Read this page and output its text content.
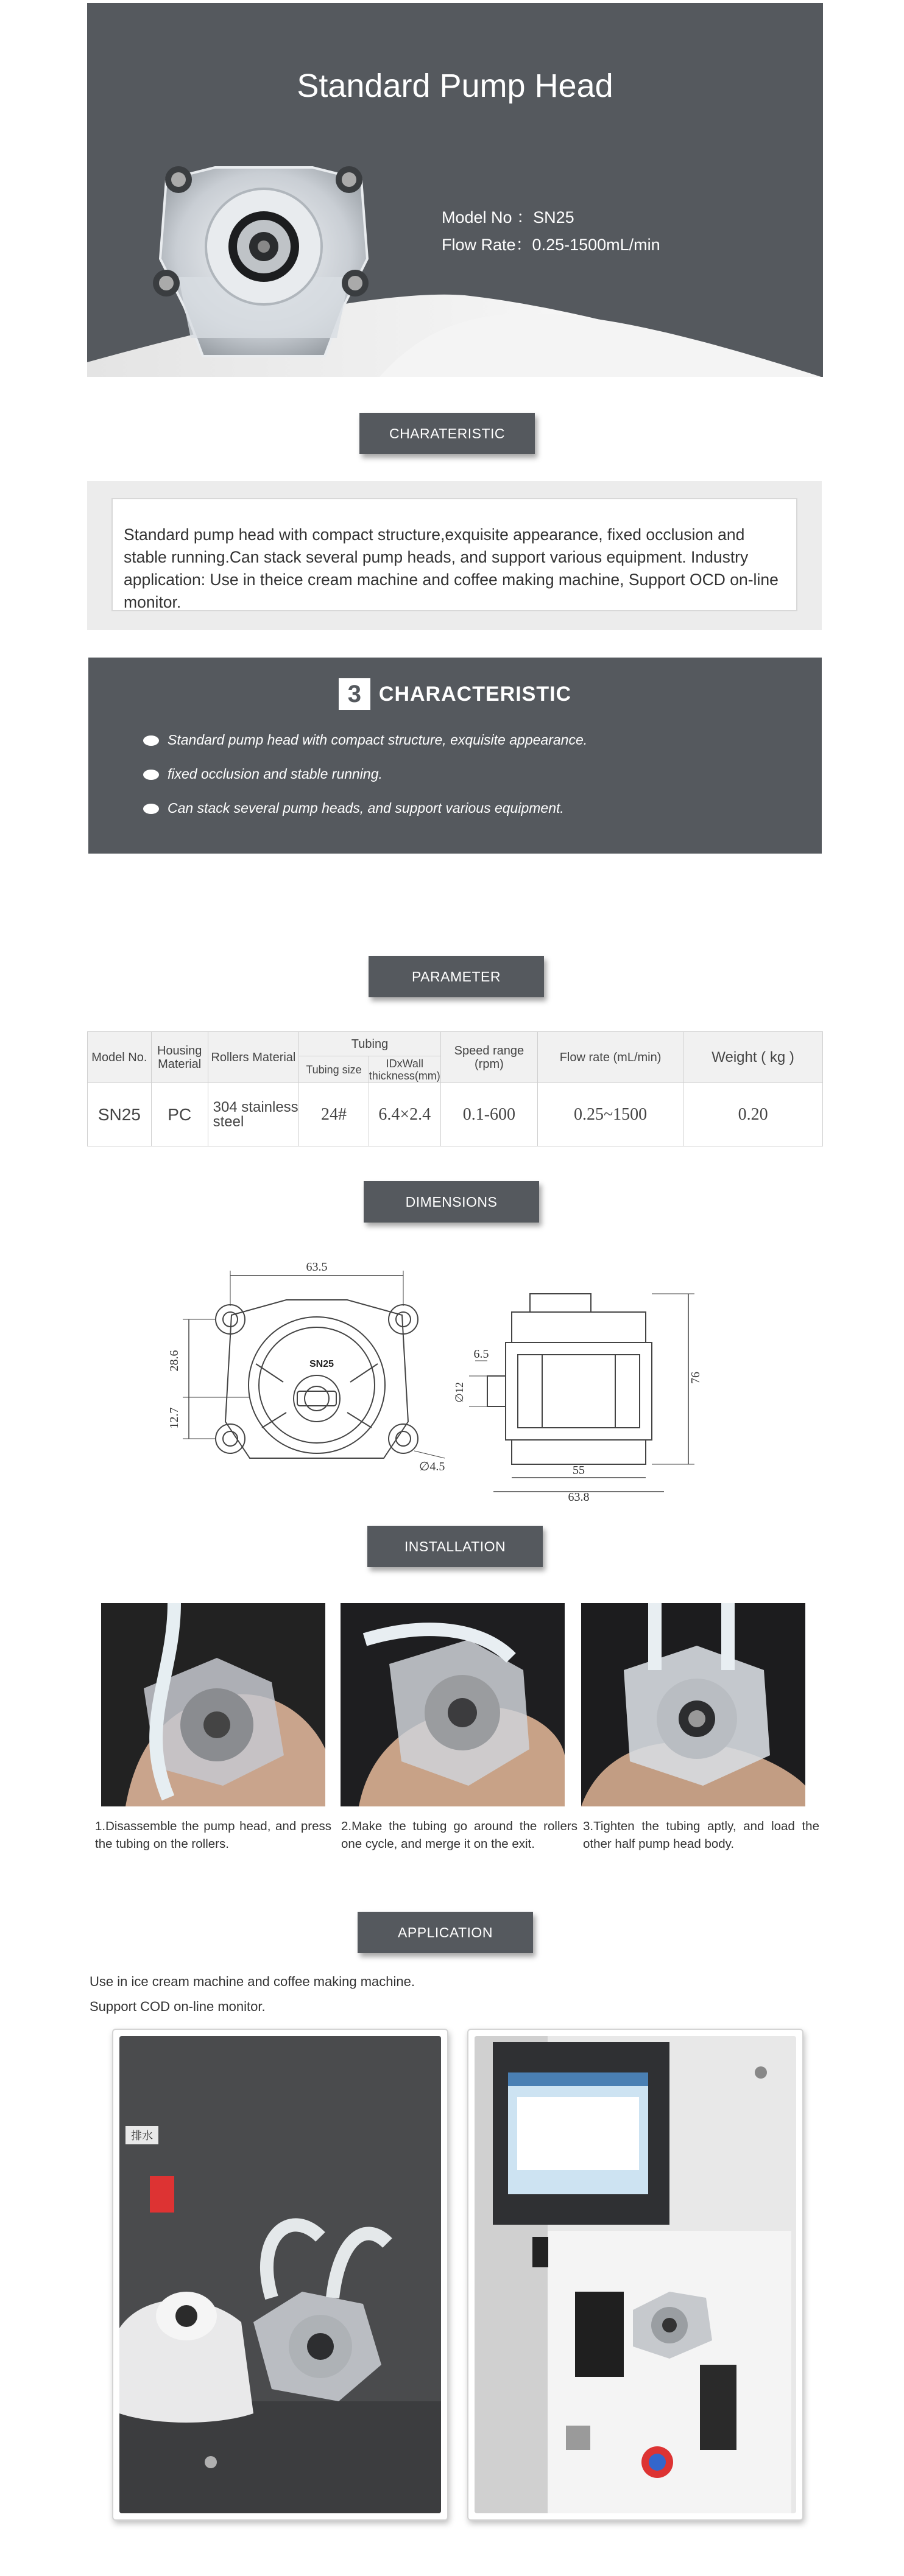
Standard Pump Head
Model No ：SN25
Flow Rate：0.25-1500mL/min
CHARATERISTIC
Standard pump head with compact structure,exquisite appearance, fixed occlusion and stable running.Can stack several pump heads, and support various equipment. Industry application: Use in theice cream machine and coffee making machine, Support OCD on-line monitor.
3 CHARACTERISTIC
Standard pump head with compact structure, exquisite appearance.
fixed occlusion and stable running.
Can stack several pump heads, and support various equipment.
PARAMETER
Model No.	Housing Material	Rollers Material	Tubing		Speed range (rpm)	Flow rate (mL/min)	Weight ( kg )
			Tubing size	IDxWall thickness(mm)			
SN25	PC	304 stainless steel	24#	6.4×2.4	0.1-600	0.25~1500	0.20
DIMENSIONS
63.5
28.6
12.7
∅4.5
SN25
76
55
63.8
6.5
∅12
INSTALLATION
1.Disassemble the pump head, and press the tubing on the rollers.
2.Make the tubing go around the rollers one cycle, and merge it on the exit.
3.Tighten the tubing aptly, and load the other half pump head body.
APPLICATION
Use in ice cream machine and coffee making machine.
Support COD on-line monitor.
排水
